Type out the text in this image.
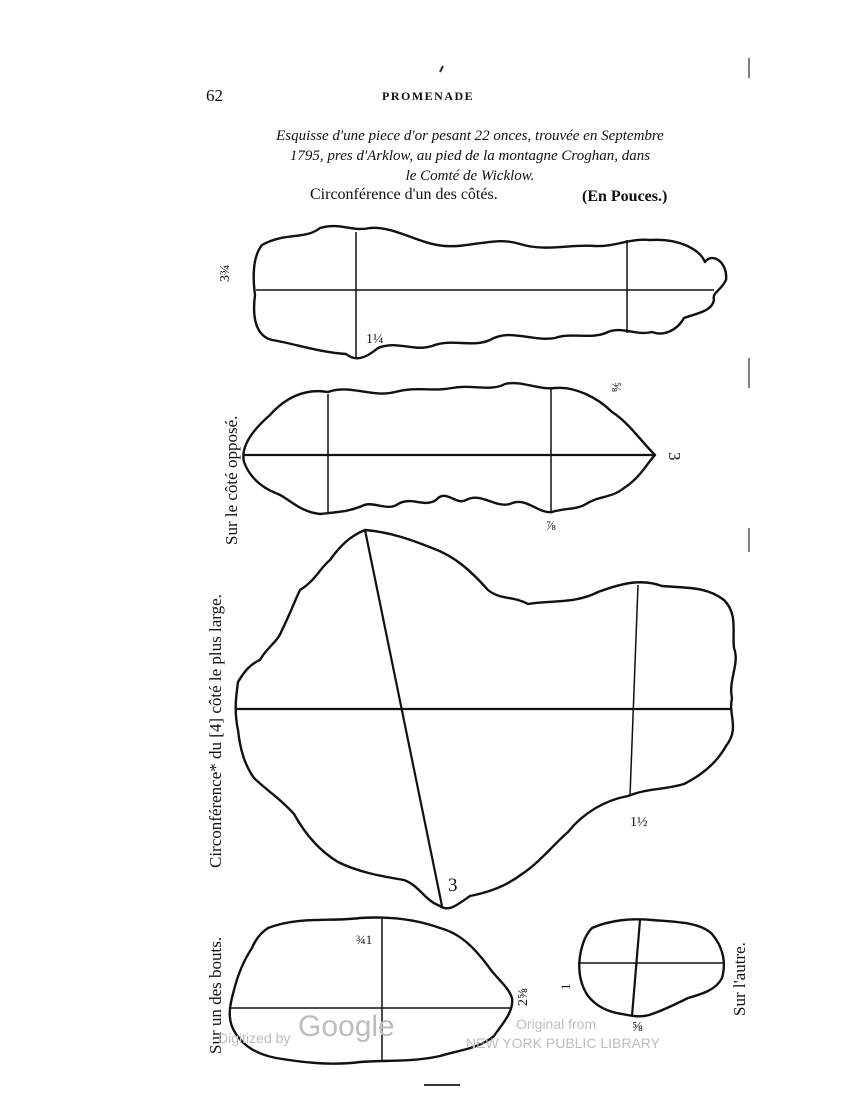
62	PROMENADE
Esquisse d'une piece d'or pesant 22 onces, trouvée en Septembre
1795, pres d'Arklow, au pied de la montagne Croghan, dans
le Comté de Wicklow.
Circonférence d'un des côtés.	(En Pouces.)
3¾
1¼
⅝
3
⅞
3
1½
¾1
2⅝
1
⅝
Sur le côté opposé.
Circonférence* du [4] côté le plus large.
Sur un des bouts.	Sur l'autre.
Digitized by Google	Original from
NEW YORK PUBLIC LIBRARY
